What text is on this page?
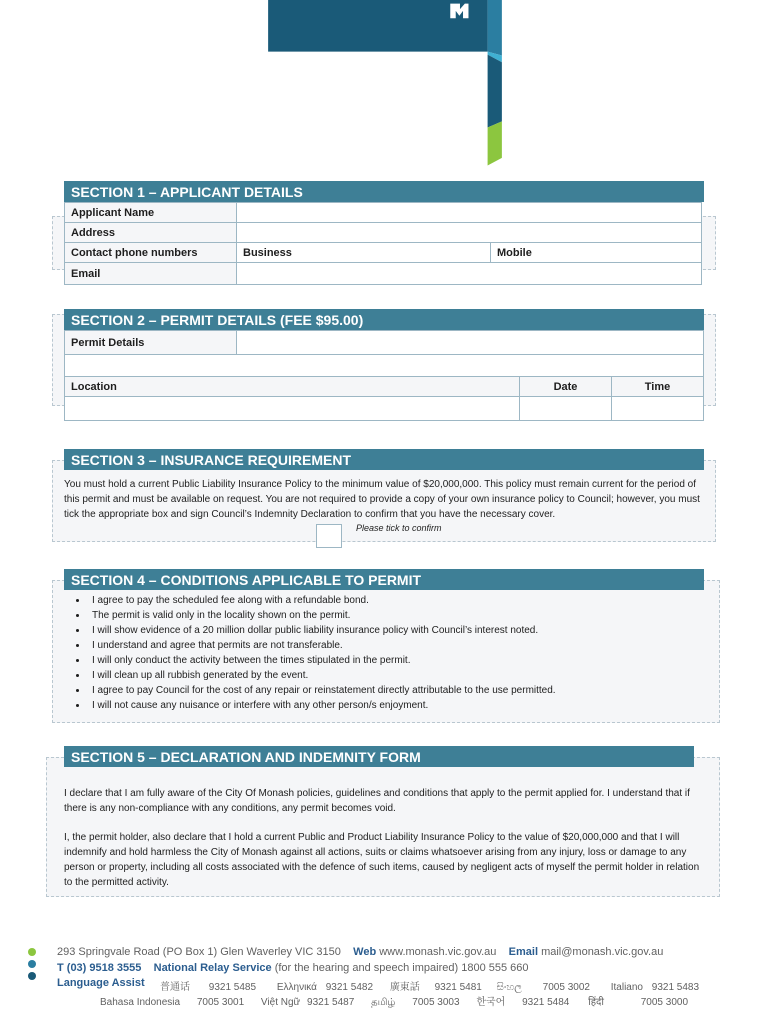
Application for General Permit
Community Laws
2023/2024
CITY OF
MONASH
SECTION 1 – APPLICANT DETAILS
Applicant Name		
Address		
Contact phone numbers	Business	Mobile
Email		
SECTION 2 – PERMIT DETAILS (FEE $95.00)
Permit Details			

Location		Date	Time

SECTION 3 – INSURANCE REQUIREMENT
You must hold a current Public Liability Insurance Policy to the minimum value of $20,000,000. This policy must remain current for the period of this permit and must be available on request. You are not required to provide a copy of your own insurance policy to Council; however, you must tick the appropriate box and sign Council’s Indemnity Declaration to confirm that you have the necessary cover.
Please tick to confirm
SECTION 4 – CONDITIONS APPLICABLE TO PERMIT
• I agree to pay the scheduled fee along with a refundable bond.
• The permit is valid only in the locality shown on the permit.
• I will show evidence of a 20 million dollar public liability insurance policy with Council’s interest noted.
• I understand and agree that permits are not transferable.
• I will only conduct the activity between the times stipulated in the permit.
• I will clean up all rubbish generated by the event.
• I agree to pay Council for the cost of any repair or reinstatement directly attributable to the use permitted.
• I will not cause any nuisance or interfere with any other person/s enjoyment.
SECTION 5 – DECLARATION AND INDEMNITY FORM
I declare that I am fully aware of the City Of Monash policies, guidelines and conditions that apply to the permit applied for. I understand that if there is any non-compliance with any conditions, any permit becomes void.
I, the permit holder, also declare that I hold a current Public and Product Liability Insurance Policy to the value of $20,000,000 and that I will indemnify and hold harmless the City of Monash against all actions, suits or claims whatsoever arising from any injury, loss or damage to any person or property, including all costs associated with the defence of such items, caused by negligent acts of myself the permit holder in relation to the permitted activity.
293 Springvale Road (PO Box 1) Glen Waverley VIC 3150 Web www.monash.vic.gov.au Email mail@monash.vic.gov.au
T (03) 9518 3555 National Relay Service (for the hearing and speech impaired) 1800 555 660
Language Assist 普通话 9321 5485 Ελληνικά 9321 5482 廣東話 9321 5481 සිංහල 7005 3002 Italiano 9321 5483
Bahasa Indonesia 7005 3001 Việt Ngữ 9321 5487 தமிழ் 7005 3003 한국어 9321 5484 हिंदी	7005 3000
